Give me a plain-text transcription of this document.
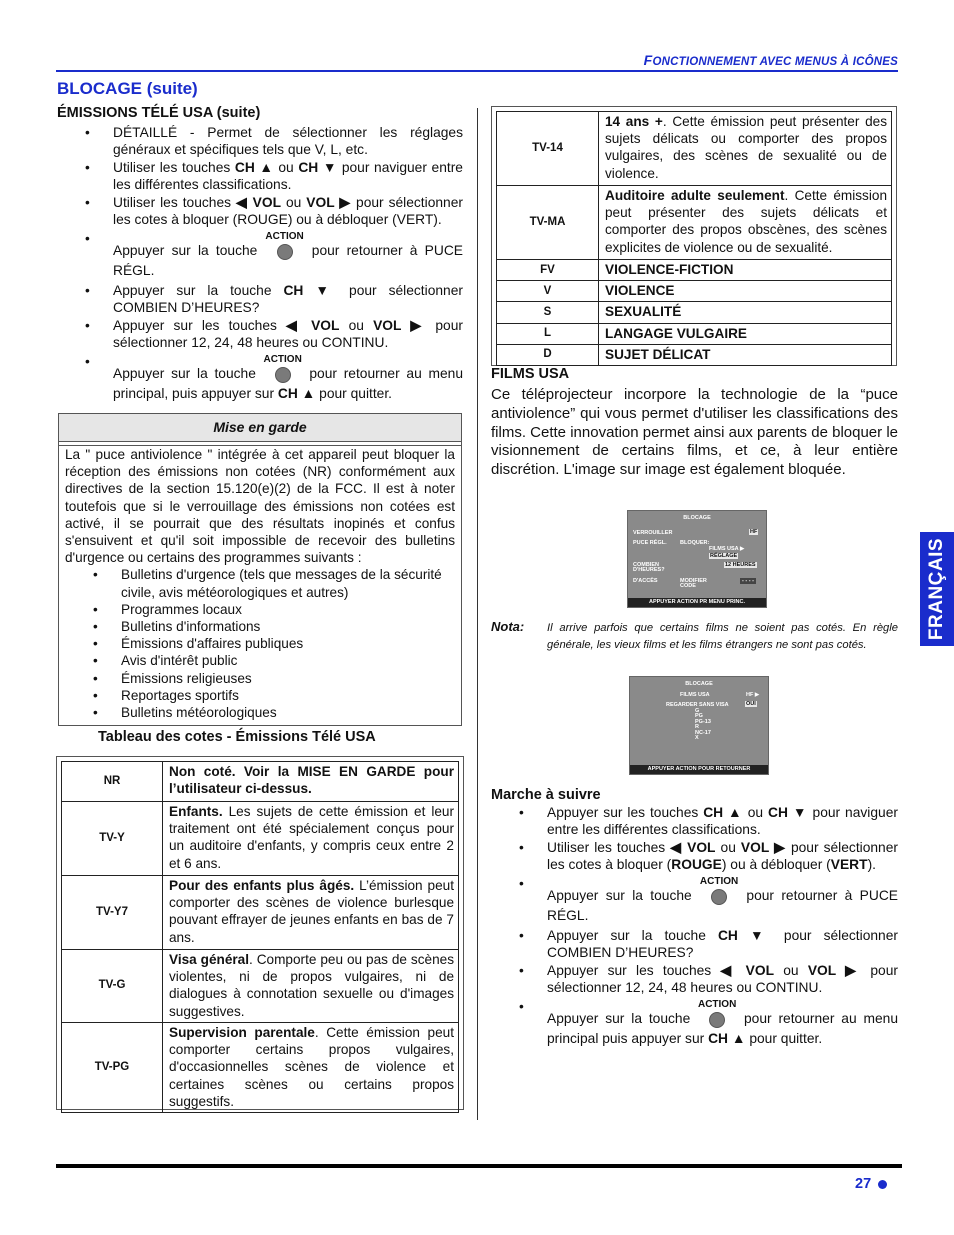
FONCTIONNEMENT AVEC MENUS À ICÔNES
BLOCAGE (suite)
ÉMISSIONS TÉLÉ USA (suite)
• DÉTAILLÉ - Permet de sélectionner les réglages généraux et spécifiques tels que V, L, etc.
• Utiliser les touches CH ▲ ou CH ▼ pour naviguer entre les différentes classifications.
• Utiliser les touches ◀ VOL ou VOL ▶ pour sélectionner les cotes à bloquer (ROUGE) ou à débloquer (VERT).
• Appuyer sur la touche
ACTION
pour retourner à PUCE RÉGL.
• Appuyer sur la touche CH ▼ pour sélectionner COMBIEN D’HEURES?
• Appuyer sur les touches ◀ VOL ou VOL ▶ pour sélectionner 12, 24, 48 heures ou CONTINU.
• Appuyer sur la touche
ACTION
pour retourner au menu principal, puis appuyer sur CH ▲ pour quitter.
Mise en garde
La " puce antiviolence " intégrée à cet appareil peut bloquer la réception des émissions non cotées (NR) conformément aux directives de la section 15.120(e)(2) de la FCC. Il est à noter toutefois que si le verrouillage des émissions non cotées est activé, il se pourrait que des résultats inopinés et confus s'ensuivent et qu'il soit impossible de recevoir des bulletins d'urgence ou certains des programmes suivants :
• Bulletins d'urgence (tels que messages de la sécurité civile, avis météorologiques et autres)
• Programmes locaux
• Bulletins d'informations
• Émissions d'affaires publiques
• Avis d'intérêt public
• Émissions religieuses
• Reportages sportifs
• Bulletins météorologiques
Tableau des cotes - Émissions Télé USA
NR	Non coté. Voir la MISE EN GARDE pour l’utilisateur ci-dessus.
TV-Y	Enfants. Les sujets de cette émission et leur traitement ont été spécialement conçus pour un auditoire d'enfants, y compris ceux entre 2 et 6 ans.
TV-Y7	Pour des enfants plus âgés. L’émission peut comporter des scènes de violence burlesque pouvant effrayer de jeunes enfants en bas de 7 ans.
TV-G	Visa général. Comporte peu ou pas de scènes violentes, ni de propos vulgaires, ni de dialogues à connotation sexuelle ou d'images suggestives.
TV-PG	Supervision parentale. Cette émission peut comporter certains propos vulgaires, d'occasionnelles scènes de violence et certaines scènes ou certains propos suggestifs.
TV-14	14 ans +. Cette émission peut présenter des sujets délicats ou comporter des propos vulgaires, des scènes de sexualité ou de violence.
TV-MA	Auditoire adulte seulement. Cette émission peut présenter des sujets délicats et comporter des propos obscènes, des scènes explicites de violence ou de sexualité.
FV	VIOLENCE-FICTION
V	VIOLENCE
S	SEXUALITÉ
L	LANGAGE VULGAIRE
D	SUJET DÉLICAT
FILMS USA
Ce téléprojecteur incorpore la technologie de la “puce antiviolence” qui vous permet d'utiliser les classifications des films. Cette innovation permet ainsi aux parents de bloquer le visionnement de certains films, et ce, à leur entière discrétion. L'image sur image est également bloquée.
BLOCAGE
VERROUILLER	HF
PUCE RÉGL. BLOQUER:
FILMS USA ▶
RÉGLAGE
COMBIEN
D'HEURES?
12 HEURES
D'ACCÈS	MODIFIER
CODE
- - - -
APPUYER ACTION PR MENU PRINC.
Nota: Il arrive parfois que certains films ne soient pas cotés. En règle générale, les vieux films et les films étrangers ne sont pas cotés.
BLOCAGE
FILMS USA	HF ▶
REGARDER SANS VISA	OUI
G
PG
PG-13
R
NC-17
X
APPUYER ACTION POUR RETOURNER
Marche à suivre
• Appuyer sur les touches CH ▲ ou CH ▼ pour naviguer entre les différentes classifications.
• Utiliser les touches ◀ VOL ou VOL ▶ pour sélectionner les cotes à bloquer (ROUGE) ou à débloquer (VERT).
• Appuyer sur la touche
ACTION
pour retourner à PUCE RÉGL.
• Appuyer sur la touche CH ▼ pour sélectionner COMBIEN D’HEURES?
• Appuyer sur les touches ◀ VOL ou VOL ▶ pour sélectionner 12, 24, 48 heures ou CONTINU.
• Appuyer sur la touche
ACTION
pour retourner au menu principal puis appuyer sur CH ▲ pour quitter.
FRANÇAIS
27
